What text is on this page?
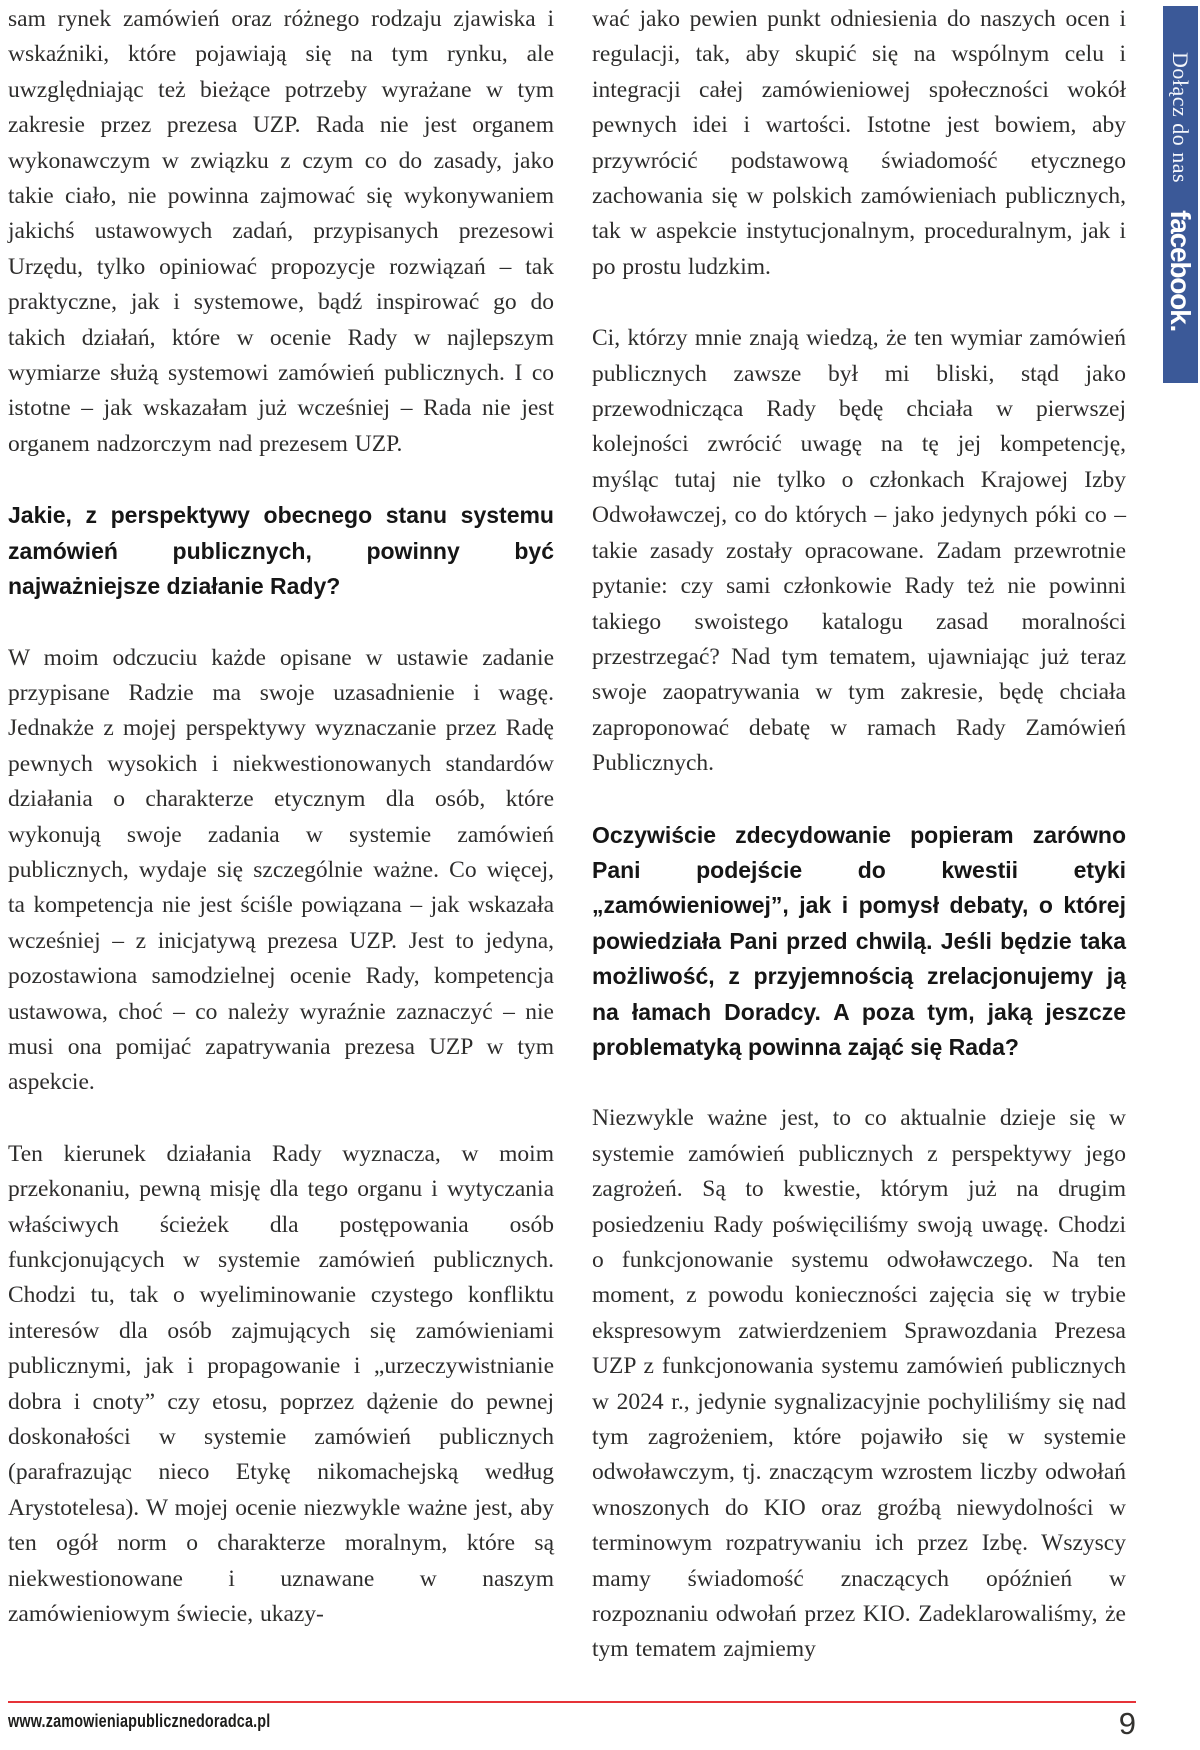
sam rynek zamówień oraz różnego rodzaju zjawiska i wskaźniki, które pojawiają się na tym rynku, ale uwzględniając też bieżące potrzeby wyrażane w tym zakresie przez prezesa UZP. Rada nie jest organem wykonawczym w związku z czym co do zasady, jako takie ciało, nie powinna zajmować się wykonywaniem jakichś ustawowych zadań, przypisanych prezesowi Urzędu, tylko opiniować propozycje rozwiązań – tak praktyczne, jak i systemowe, bądź inspirować go do takich działań, które w ocenie Rady w najlepszym wymiarze służą systemowi zamówień publicznych. I co istotne – jak wskazałam już wcześniej – Rada nie jest organem nadzorczym nad prezesem UZP.

Jakie, z perspektywy obecnego stanu systemu zamówień publicznych, powinny być najważniejsze działanie Rady?

W moim odczuciu każde opisane w ustawie zadanie przypisane Radzie ma swoje uzasadnienie i wagę. Jednakże z mojej perspektywy wyznaczanie przez Radę pewnych wysokich i niekwestionowanych standardów działania o charakterze etycznym dla osób, które wykonują swoje zadania w systemie zamówień publicznych, wydaje się szczególnie ważne. Co więcej, ta kompetencja nie jest ściśle powiązana – jak wskazała wcześniej – z inicjatywą prezesa UZP. Jest to jedyna, pozostawiona samodzielnej ocenie Rady, kompetencja ustawowa, choć – co należy wyraźnie zaznaczyć – nie musi ona pomijać zapatrywania prezesa UZP w tym aspekcie.

Ten kierunek działania Rady wyznacza, w moim przekonaniu, pewną misję dla tego organu i wytyczania właściwych ścieżek dla postępowania osób funkcjonujących w systemie zamówień publicznych. Chodzi tu, tak o wyeliminowanie czystego konfliktu interesów dla osób zajmujących się zamówieniami publicznymi, jak i propagowanie i „urzeczywistnianie dobra i cnoty” czy etosu, poprzez dążenie do pewnej doskonałości w systemie zamówień publicznych (parafrazując nieco Etykę nikomachejską według Arystotelesa). W mojej ocenie niezwykle ważne jest, aby ten ogół norm o charakterze moralnym, które są niekwestionowane i uznawane w naszym zamówieniowym świecie, ukazy-

wać jako pewien punkt odniesienia do naszych ocen i regulacji, tak, aby skupić się na wspólnym celu i integracji całej zamówieniowej społeczności wokół pewnych idei i wartości. Istotne jest bowiem, aby przywrócić podstawową świadomość etycznego zachowania się w polskich zamówieniach publicznych, tak w aspekcie instytucjonalnym, proceduralnym, jak i po prostu ludzkim.

Ci, którzy mnie znają wiedzą, że ten wymiar zamówień publicznych zawsze był mi bliski, stąd jako przewodnicząca Rady będę chciała w pierwszej kolejności zwrócić uwagę na tę jej kompetencję, myśląc tutaj nie tylko o członkach Krajowej Izby Odwoławczej, co do których – jako jedynych póki co – takie zasady zostały opracowane. Zadam przewrotnie pytanie: czy sami członkowie Rady też nie powinni takiego swoistego katalogu zasad moralności przestrzegać? Nad tym tematem, ujawniając już teraz swoje zaopatrywania w tym zakresie, będę chciała zaproponować debatę w ramach Rady Zamówień Publicznych.

Oczywiście zdecydowanie popieram zarówno Pani podejście do kwestii etyki „zamówieniowej”, jak i pomysł debaty, o której powiedziała Pani przed chwilą. Jeśli będzie taka możliwość, z przyjemnością zrelacjonujemy ją na łamach Doradcy. A poza tym, jaką jeszcze problematyką powinna zająć się Rada?

Niezwykle ważne jest, to co aktualnie dzieje się w systemie zamówień publicznych z perspektywy jego zagrożeń. Są to kwestie, którym już na drugim posiedzeniu Rady poświęciliśmy swoją uwagę. Chodzi o funkcjonowanie systemu odwoławczego. Na ten moment, z powodu konieczności zajęcia się w trybie ekspresowym zatwierdzeniem Sprawozdania Prezesa UZP z funkcjonowania systemu zamówień publicznych w 2024 r., jedynie sygnalizacyjnie pochyliliśmy się nad tym zagrożeniem, które pojawiło się w systemie odwoławczym, tj. znaczącym wzrostem liczby odwołań wnoszonych do KIO oraz groźbą niewydolności w terminowym rozpatrywaniu ich przez Izbę. Wszyscy mamy świadomość znaczących opóźnień w rozpoznaniu odwołań przez KIO. Zadeklarowaliśmy, że tym tematem zajmiemy

Dołącz do nas
facebook.
www.zamowieniapublicznedoradca.pl	9
